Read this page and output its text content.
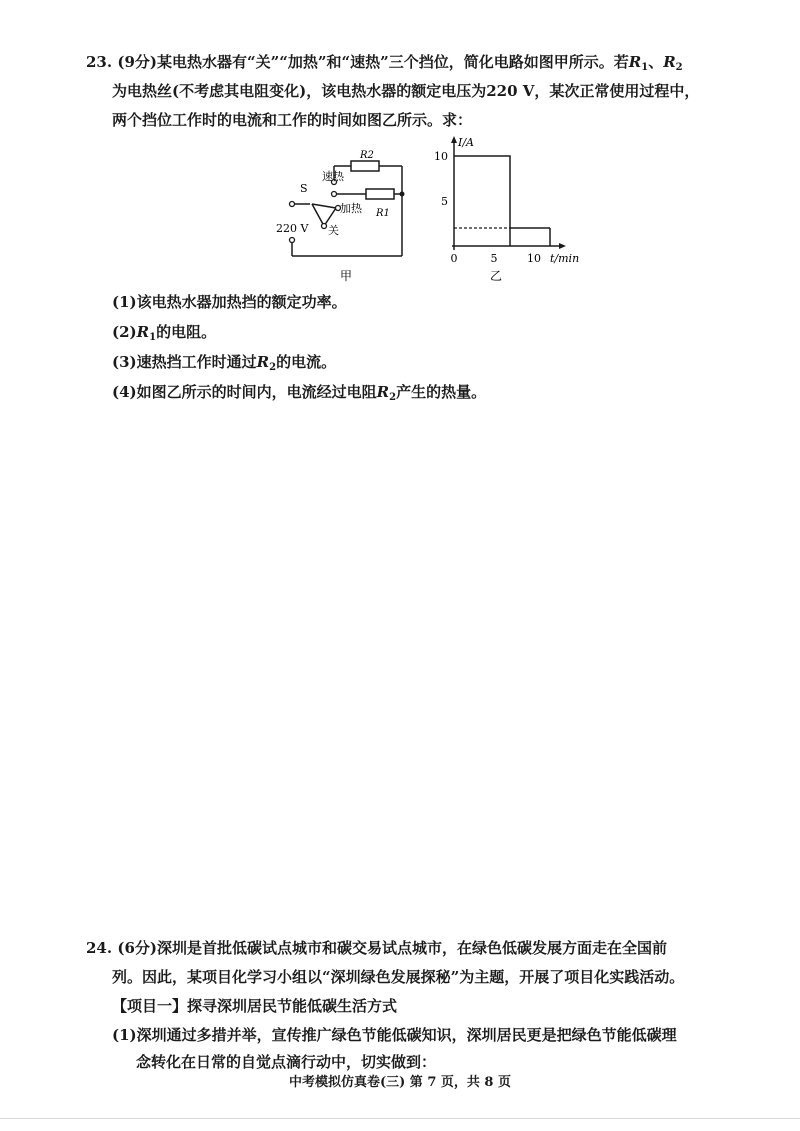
23. (9分)某电热水器有“关”“加热”和“速热”三个挡位，简化电路如图甲所示。若$R_1$、$R_2$
为电热丝(不考虑其电阻变化)，该电热水器的额定电压为220 V，某次正常使用过程中，
两个挡位工作时的电流和工作的时间如图乙所示。求：
R2
R1
S
速热
加热
关
220 V
甲
I/A
t/min
5
10
0	5	10
乙
(1)该电热水器加热挡的额定功率。
$(2)R_1$的电阻。
(3)速热挡工作时通过$R_2$的电流。
(4)如图乙所示的时间内，电流经过电阻$R_2$产生的热量。
24. (6分)深圳是首批低碳试点城市和碳交易试点城市，在绿色低碳发展方面走在全国前
列。因此，某项目化学习小组以“深圳绿色发展探秘”为主题，开展了项目化实践活动。
【项目一】探寻深圳居民节能低碳生活方式
(1)深圳通过多措并举，宣传推广绿色节能低碳知识，深圳居民更是把绿色节能低碳理
念转化在日常的自觉点滴行动中，切实做到：
中考模拟仿真卷(三) 第 7 页，共 8 页
